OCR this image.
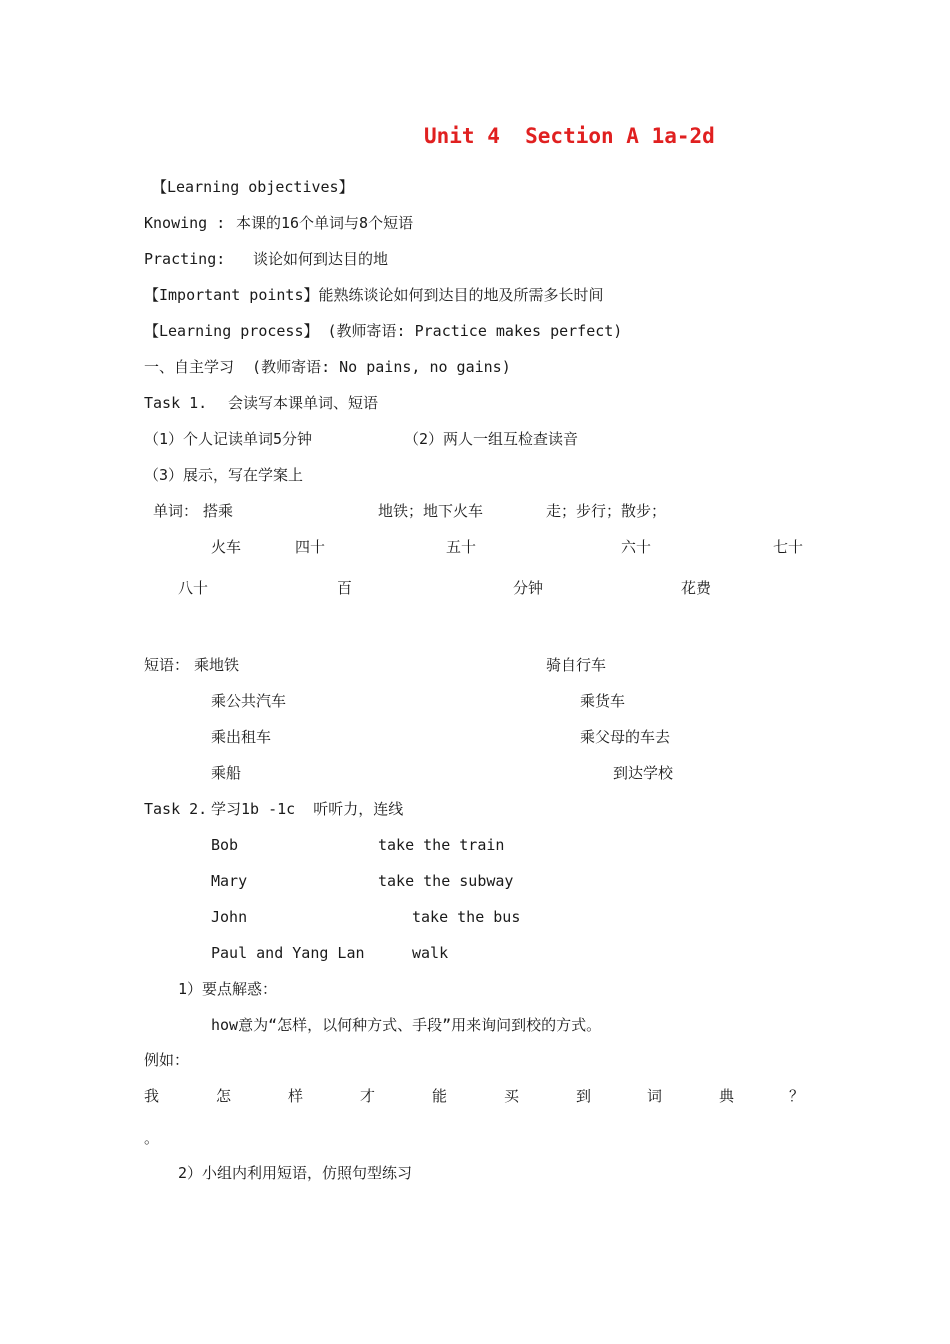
Unit 4  Section A 1a-2d
【Learning objectives】
Knowing : 本课的16个单词与8个短语
Practing: 谈论如何到达目的地
【Important points】能熟练谈论如何到达目的地及所需多长时间
【Learning process】 (教师寄语: Practice makes perfect)
一、自主学习  (教师寄语: No pains, no gains)
Task 1. 会读写本课单词、短语
（1）个人记读单词5分钟	（2）两人一组互检查读音
（3）展示，写在学案上
单词： 搭乘	地铁；地下火车	走；步行；散步；
火车	四十	五十	六十	七十
八十	百	分钟	花费
短语： 乘地铁	骑自行车
乘公共汽车	乘货车
乘出租车	乘父母的车去
乘船	到达学校
Task 2. 学习1b -1c  听听力，连线
Bob	take the train
Mary	take the subway
John	take the bus
Paul and Yang Lan	walk
1）要点解惑：
how意为“怎样，以何种方式、手段”用来询问到校的方式。
例如：
我	怎	样	才	能	买	到	词	典	？
。
2）小组内利用短语，仿照句型练习
